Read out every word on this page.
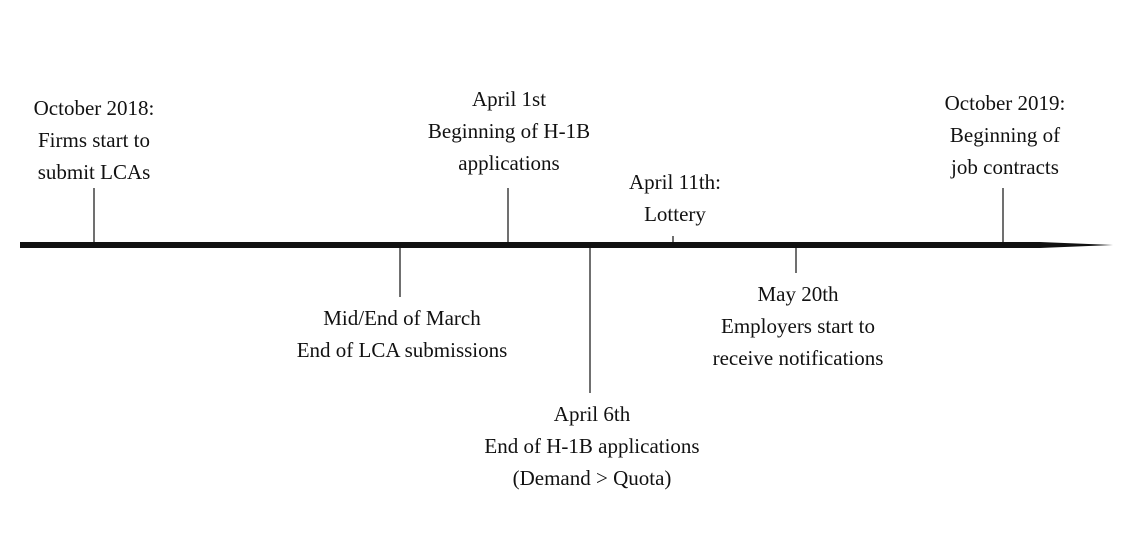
October 2018:
Firms start to
submit LCAs
Mid/End of March
End of LCA submissions
April 1st
Beginning of H-1B
applications
April 6th
End of H-1B applications
(Demand > Quota)
April 11th:
Lottery
May 20th
Employers start to
receive notifications
October 2019:
Beginning of
job contracts
